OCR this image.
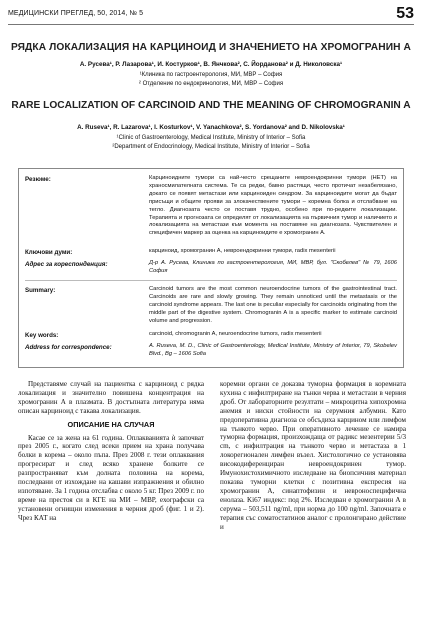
МЕДИЦИНСКИ ПРЕГЛЕД, 50, 2014, № 5	53
РЯДКА ЛОКАЛИЗАЦИЯ НА КАРЦИНОИД И ЗНАЧЕНИЕТО НА ХРОМОГРАНИН А
А. Русева¹, Р. Лазарова¹, И. Костурков¹, В. Янчкова², С. Йорданова² и Д. Николовска¹
¹Клиника по гастроентерология, МИ, МВР – София
² Отделение по ендокринология, МИ, МВР – София
RARE LOCALIZATION OF CARCINOID AND THE MEANING OF CHROMOGRANIN A
A. Ruseva¹, R. Lazarova¹, I. Kosturkov¹, V. Yanachkova², S. Yordanova² and D. Nikolovska¹
¹Clinic of Gastroenterology, Medical Institute, Ministry of Interior – Sofia
²Department of Endocrinology, Medical Institute, Ministry of Interior – Sofia
Резюме:	Карциноидните тумори са най-често срещаните невроендокринни тумори (НЕТ) на храносмилателната система. Те са редки, бавно растящи, често протичат незабелязано, докато се появят метастази или карциноиден синдром. За карциноидите могат да бъдат присъщи и общите прояви за злокачествените тумори – коремна болка и отслабване на тегло. Диагнозата често се поставя трудно, особено при по-редките локализации. Терапията и прогнозата се определят от локализацията на първичния тумор и наличието и локализацията на метастази към момента на поставяне на диагнозата. Чувствителен и специфичен маркер за оценка на карциноидите е хромогранин А.
Ключови думи:	карциноид, хромогранин А, невроендокринни тумори, radix mesenterii
Адрес за кореспонденция:	Д-р А. Русева, Клиника по гастроентерология, МИ, МВР, бул. "Скобелев" № 79, 1606 София
Summary:	Carcinoid tumors are the most common neuroendocrine tumors of the gastrointestinal tract. Carcinoids are rare and slowly growing. They remain unnoticed until the metastasis or the carcinoid syndrome appears. The last one is peculiar especially for carcinoids originating from the middle part of the digestive system. Chromogranin A is a specific marker to estimate carcinoid volume and progression.
Key words:	carcinoid, chromogranin A, neuroendocrine tumors, radix mesenterii
Address for correspondence:	A. Ruseva, M. D., Clinic of Gastroenterology, Medical Institute, Ministry of Interior, 79, Skobelev Blvd., Bg – 1606 Sofia

Представяме случай на пациентка с карциноид с рядка локализация и значително повишена концентрация на хромогранин А в плазмата. В достъпната литература няма описан карциноид с такава локализация.

ОПИСАНИЕ НА СЛУЧАЯ

Касае се за жена на 61 година. Оплакванията ѝ започват през 2005 г., когато след всеки прием на храна получава болки в корема – около пъпа. През 2008 г. тези оплаквания прогресират и след всяко хранене болките се разпространяват към долната половина на корема, последвани от изхождане на кашави изпражнения и обилно изпотяване. За 1 година отслабва с около 5 кг. През 2009 г. по време на престоя си в КГЕ на МИ – МВР, ехографски са установени огнищни изменения в черния дроб (фиг. 1 и 2). Чрез КАТ на

коремни органи се доказва туморна формация в коремната кухина с инфилтриране на тънки черва и метастази в черния дроб. От лабораторните резултати – микроцитна хипохромна анемия и ниски стойности на серумния албумин. Като предоперативна диагноза се обсъдиха карцином или лимфом на тънкото черво. При оперативното лечение се намира туморна формация, произхождаща от радикс мезентерии 5/3 cm, с инфилтрация на тънкото черво и метастаза в 1 локорегионален лимфен възел. Хистологично се установява високодиференциран невроендокринен тумор. Имунохистохимичното изследване на биопсичния материал показва туморни клетки с позитивна експресия на хромогранин А, синаптофизин и невроноспецифична енолаза. Ki67 индекс: под 2%. Изследван е хромогранин А в серума – 503,511 ng/ml, при норма до 100 ng/ml. Започната е терапия със соматостатинов аналог с пролонгирано действие и
